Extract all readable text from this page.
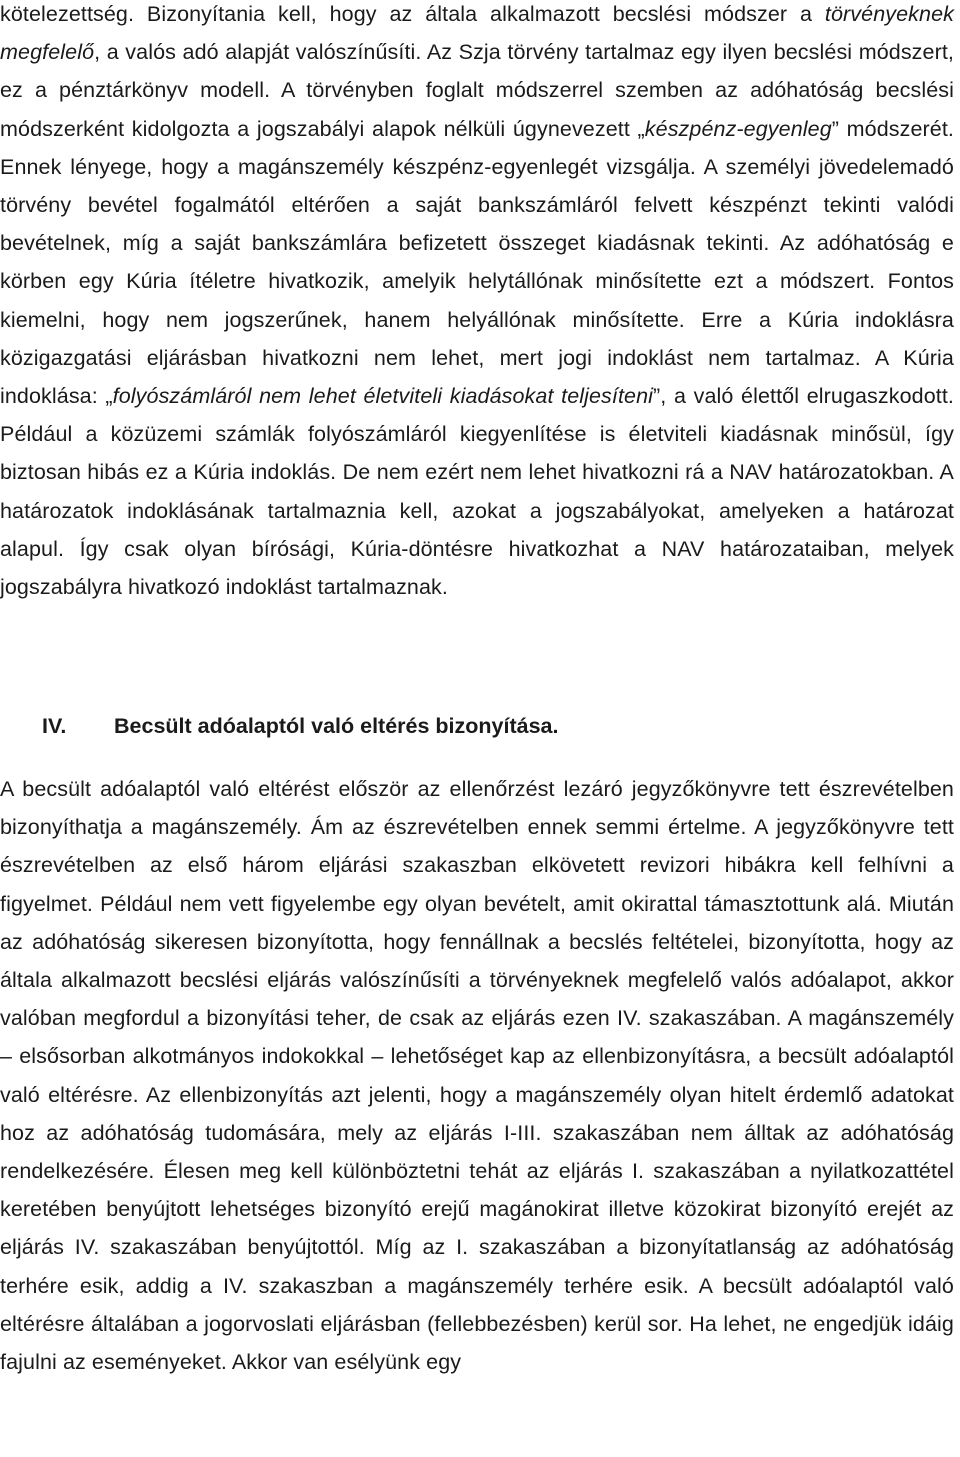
kötelezettség. Bizonyítania kell, hogy az általa alkalmazott becslési módszer a törvényeknek megfelelő, a valós adó alapját valószínűsíti. Az Szja törvény tartalmaz egy ilyen becslési módszert, ez a pénztárkönyv modell. A törvényben foglalt módszerrel szemben az adóhatóság becslési módszerként kidolgozta a jogszabályi alapok nélküli úgynevezett „készpénz-egyenleg” módszerét. Ennek lényege, hogy a magánszemély készpénz-egyenlegét vizsgálja. A személyi jövedelemadó törvény bevétel fogalmától eltérően a saját bankszámláról felvett készpénzt tekinti valódi bevételnek, míg a saját bankszámlára befizetett összeget kiadásnak tekinti. Az adóhatóság e körben egy Kúria ítéletre hivatkozik, amelyik helytállónak minősítette ezt a módszert. Fontos kiemelni, hogy nem jogszerűnek, hanem helyállónak minősítette. Erre a Kúria indoklásra közigazgatási eljárásban hivatkozni nem lehet, mert jogi indoklást nem tartalmaz. A Kúria indoklása: „folyószámláról nem lehet életviteli kiadásokat teljesíteni”, a való élettől elrugaszkodott. Például a közüzemi számlák folyószámláról kiegyenlítése is életviteli kiadásnak minősül, így biztosan hibás ez a Kúria indoklás. De nem ezért nem lehet hivatkozni rá a NAV határozatokban. A határozatok indoklásának tartalmaznia kell, azokat a jogszabályokat, amelyeken a határozat alapul. Így csak olyan bírósági, Kúria-döntésre hivatkozhat a NAV határozataiban, melyek jogszabályra hivatkozó indoklást tartalmaznak.

IV. Becsült adóalaptól való eltérés bizonyítása.

A becsült adóalaptól való eltérést először az ellenőrzést lezáró jegyzőkönyvre tett észrevételben bizonyíthatja a magánszemély. Ám az észrevételben ennek semmi értelme. A jegyzőkönyvre tett észrevételben az első három eljárási szakaszban elkövetett revizori hibákra kell felhívni a figyelmet. Például nem vett figyelembe egy olyan bevételt, amit okirattal támasztottunk alá. Miután az adóhatóság sikeresen bizonyította, hogy fennállnak a becslés feltételei, bizonyította, hogy az általa alkalmazott becslési eljárás valószínűsíti a törvényeknek megfelelő valós adóalapot, akkor valóban megfordul a bizonyítási teher, de csak az eljárás ezen IV. szakaszában. A magánszemély – elsősorban alkotmányos indokokkal – lehetőséget kap az ellenbizonyításra, a becsült adóalaptól való eltérésre. Az ellenbizonyítás azt jelenti, hogy a magánszemély olyan hitelt érdemlő adatokat hoz az adóhatóság tudomására, mely az eljárás I-III. szakaszában nem álltak az adóhatóság rendelkezésére. Élesen meg kell különböztetni tehát az eljárás I. szakaszában a nyilatkozattétel keretében benyújtott lehetséges bizonyító erejű magánokirat illetve közokirat bizonyító erejét az eljárás IV. szakaszában benyújtottól. Míg az I. szakaszában a bizonyítatlanság az adóhatóság terhére esik, addig a IV. szakaszban a magánszemély terhére esik. A becsült adóalaptól való eltérésre általában a jogorvoslati eljárásban (fellebbezésben) kerül sor. Ha lehet, ne engedjük idáig fajulni az eseményeket. Akkor van esélyünk egy
